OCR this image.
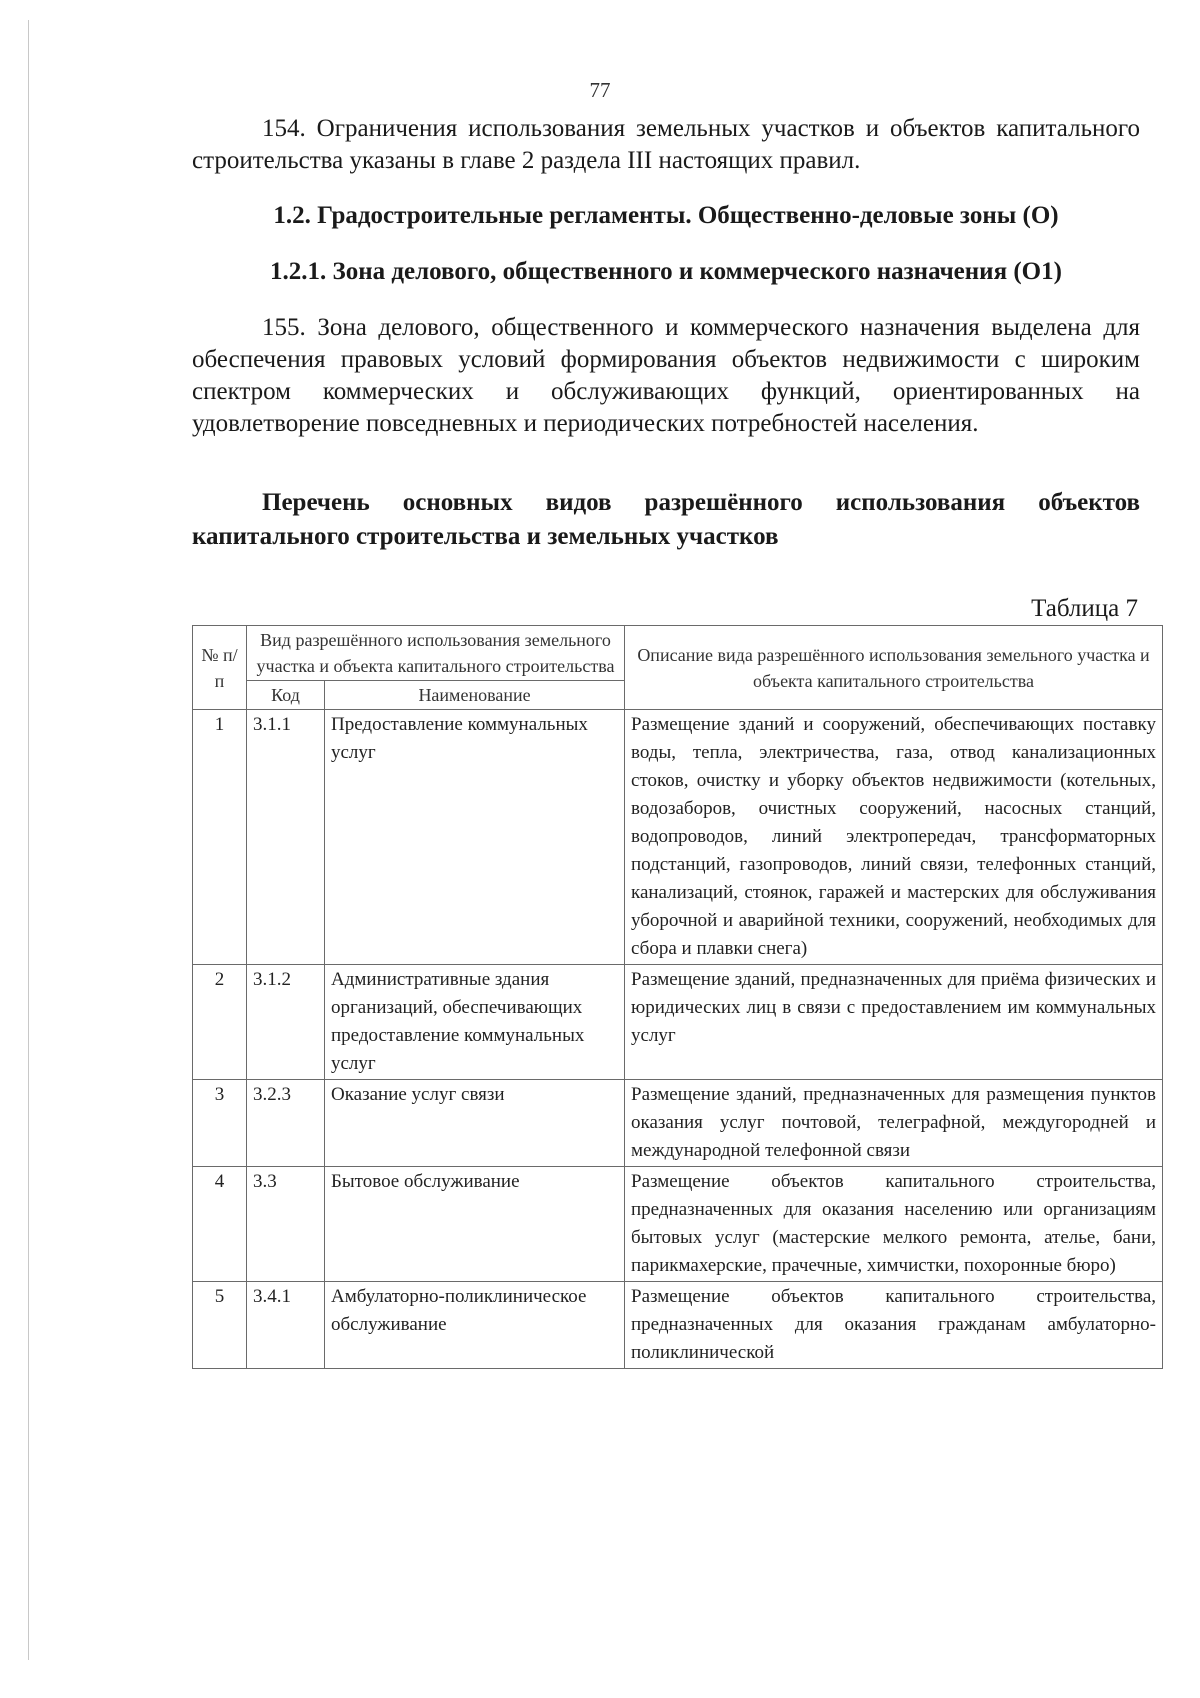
77
154. Ограничения использования земельных участков и объектов капитального строительства указаны в главе 2 раздела III настоящих правил.
1.2. Градостроительные регламенты. Общественно-деловые зоны (О)
1.2.1. Зона делового, общественного и коммерческого назначения (О1)
155. Зона делового, общественного и коммерческого назначения выделена для обеспечения правовых условий формирования объектов недвижимости с широким спектром коммерческих и обслуживающих функций, ориентированных на удовлетворение повседневных и периодических потребностей населения.
Перечень основных видов разрешённого использования объектов капитального строительства и земельных участков
Таблица 7
№ п/п	Вид разрешённого использования земельного участка и объекта капитального строительства		Описание вида разрешённого использования земельного участка и объекта капитального строительства
	Код	Наименование	
1	3.1.1	Предоставление коммунальных услуг	Размещение зданий и сооружений, обеспечивающих поставку воды, тепла, электричества, газа, отвод канализационных стоков, очистку и уборку объектов недвижимости (котельных, водозаборов, очистных сооружений, насосных станций, водопроводов, линий электропередач, трансформаторных подстанций, газопроводов, линий связи, телефонных станций, канализаций, стоянок, гаражей и мастерских для обслуживания уборочной и аварийной техники, сооружений, необходимых для сбора и плавки снега)
2	3.1.2	Административные здания организаций, обеспечивающих предоставление коммунальных услуг	Размещение зданий, предназначенных для приёма физических и юридических лиц в связи с предоставлением им коммунальных услуг
3	3.2.3	Оказание услуг связи	Размещение зданий, предназначенных для размещения пунктов оказания услуг почтовой, телеграфной, междугородней и международной телефонной связи
4	3.3	Бытовое обслуживание	Размещение объектов капитального строительства, предназначенных для оказания населению или организациям бытовых услуг (мастерские мелкого ремонта, ателье, бани, парикмахерские, прачечные, химчистки, похоронные бюро)
5	3.4.1	Амбулаторно-поликлиническое обслуживание	Размещение объектов капитального строительства, предназначенных для оказания гражданам амбулаторно-поликлинической
